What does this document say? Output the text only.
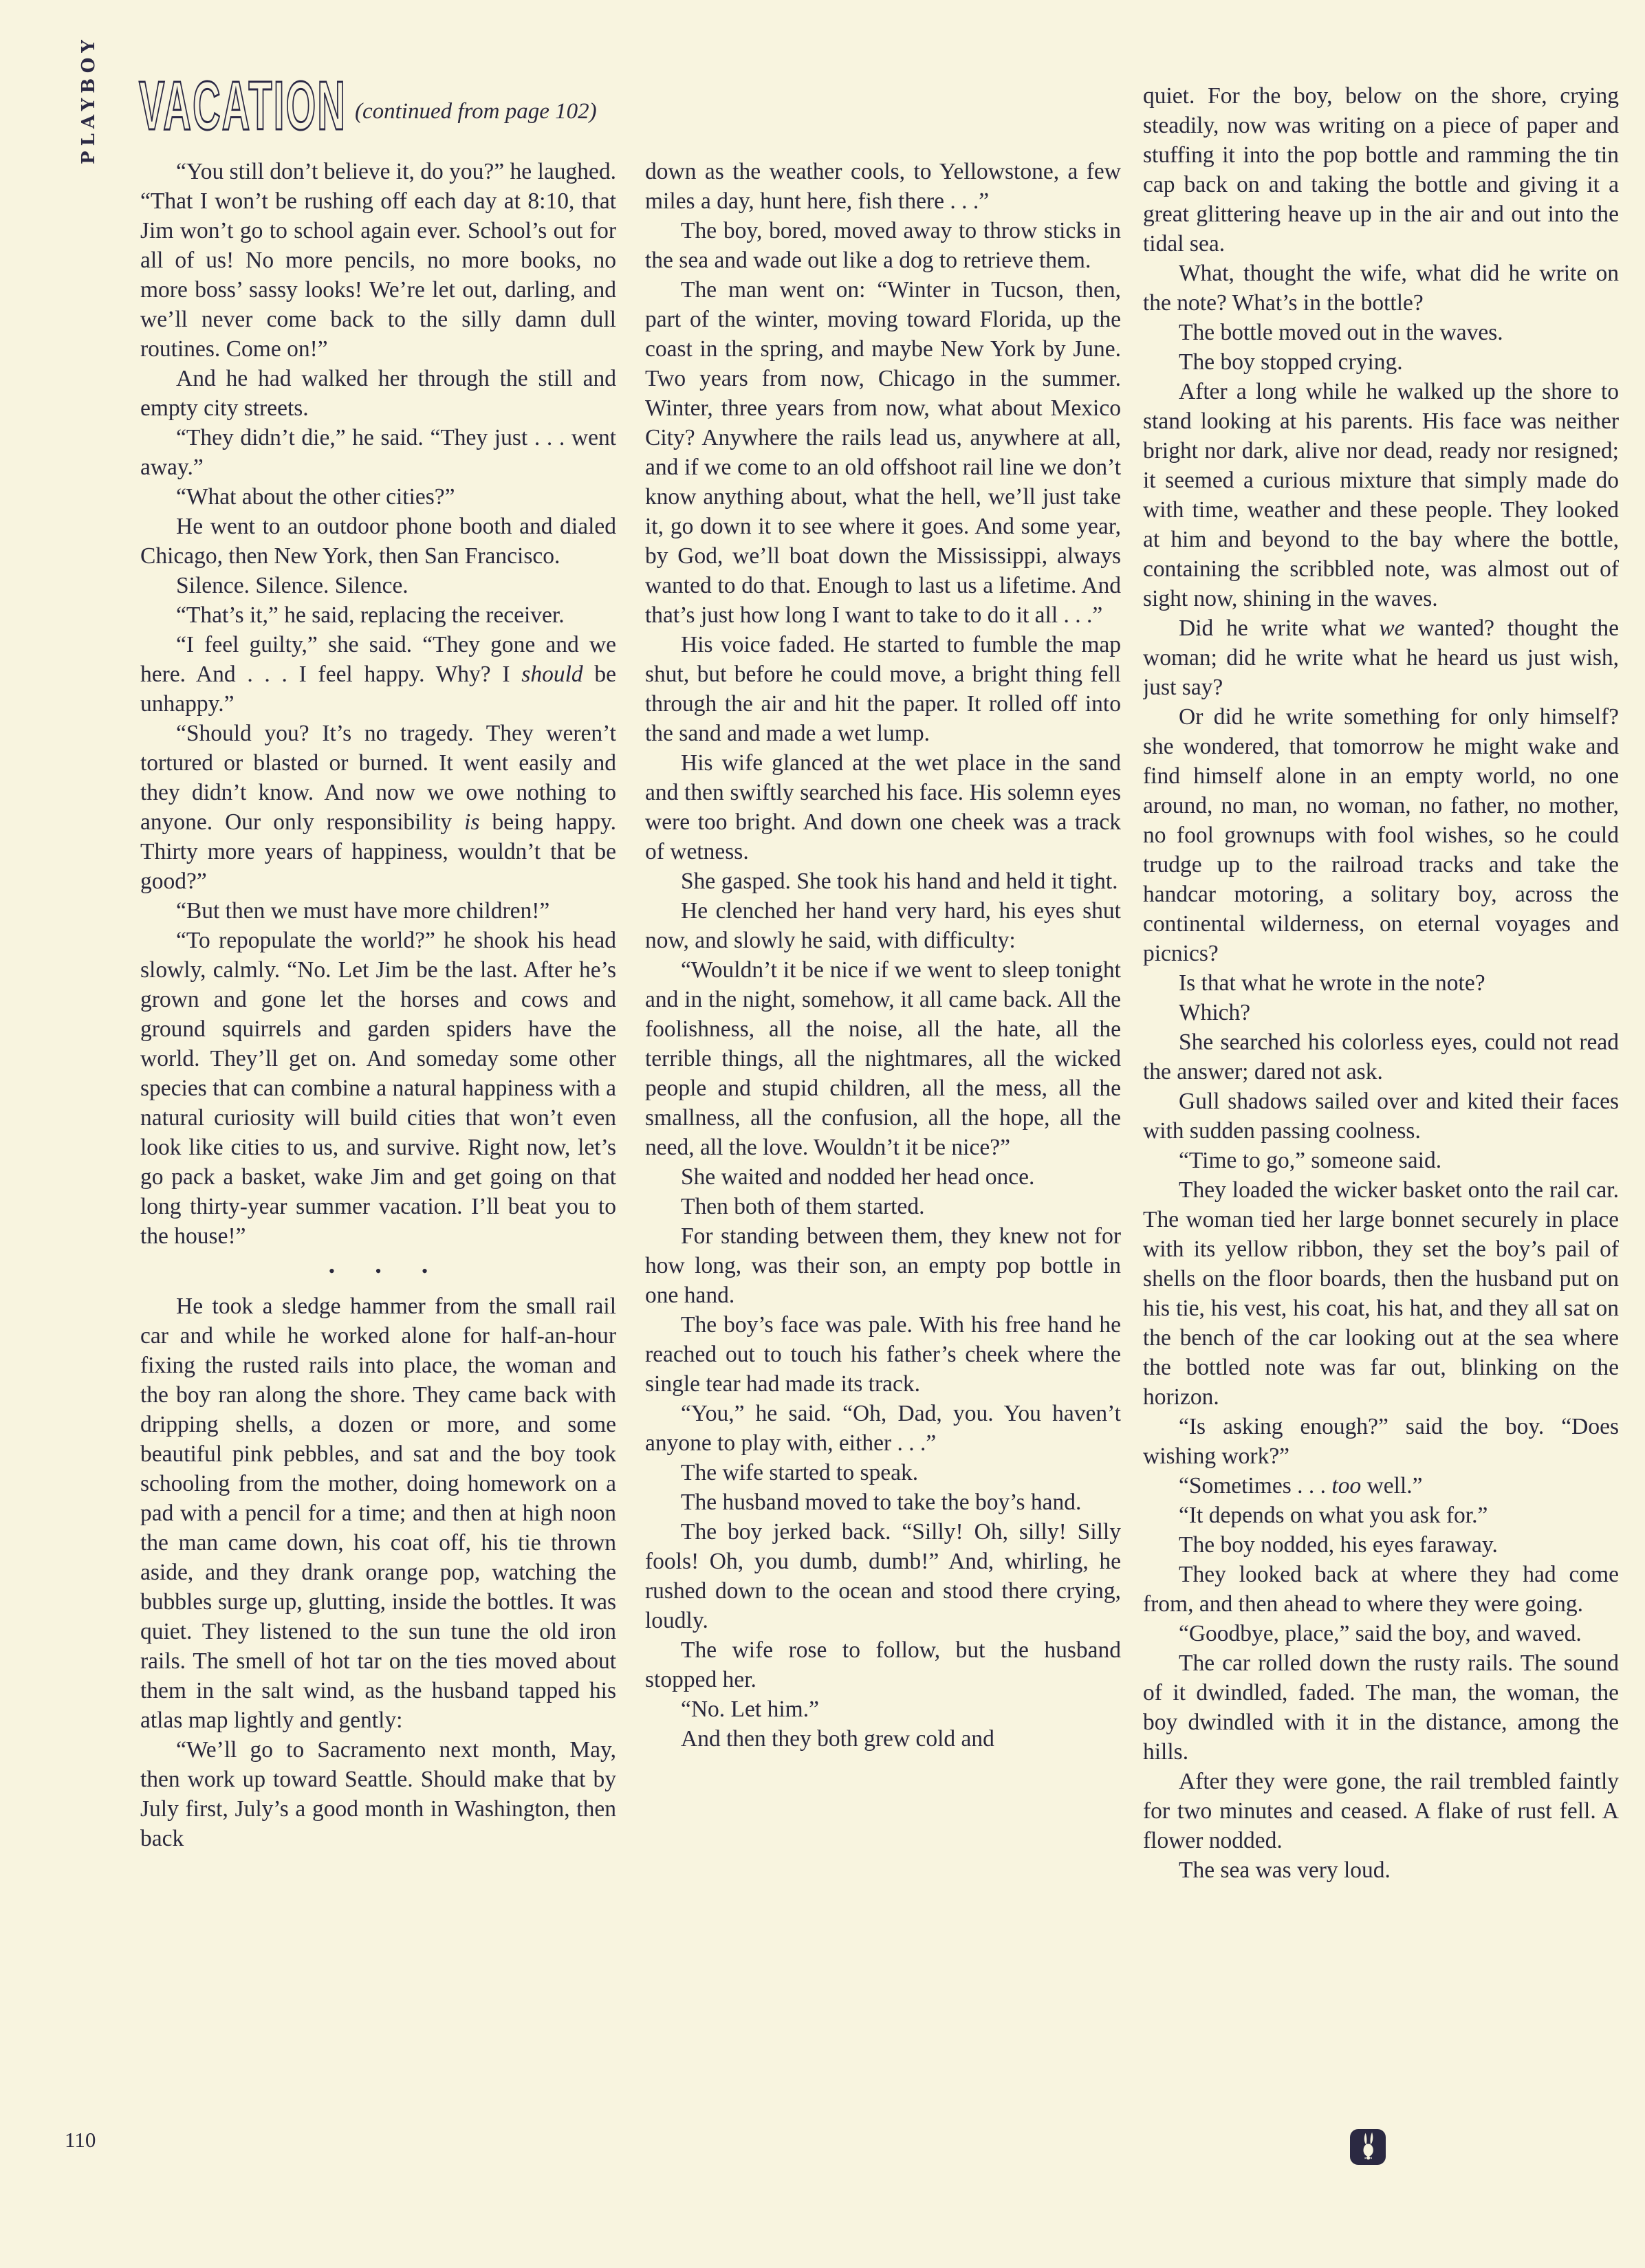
PLAYBOY VACATION (continued from page 102)

“You still don’t believe it, do you?” he laughed. “That I won’t be rushing off each day at 8:10, that Jim won’t go to school again ever. School’s out for all of us! No more pencils, no more books, no more boss’ sassy looks! We’re let out, darling, and we’ll never come back to the silly damn dull routines. Come on!”

And he had walked her through the still and empty city streets.

“They didn’t die,” he said. “They just . . . went away.”

“What about the other cities?”

He went to an outdoor phone booth and dialed Chicago, then New York, then San Francisco.

Silence. Silence. Silence.

“That’s it,” he said, replacing the receiver.

“I feel guilty,” she said. “They gone and we here. And . . . I feel happy. Why? I should be unhappy.”

“Should you? It’s no tragedy. They weren’t tortured or blasted or burned. It went easily and they didn’t know. And now we owe nothing to anyone. Our only responsibility is being happy. Thirty more years of happiness, wouldn’t that be good?”

“But then we must have more children!”

“To repopulate the world?” he shook his head slowly, calmly. “No. Let Jim be the last. After he’s grown and gone let the horses and cows and ground squirrels and garden spiders have the world. They’ll get on. And someday some other species that can combine a natural happiness with a natural curiosity will build cities that won’t even look like cities to us, and survive. Right now, let’s go pack a basket, wake Jim and get going on that long thirty-year summer vacation. I’ll beat you to the house!”

• • •

He took a sledge hammer from the small rail car and while he worked alone for half-an-hour fixing the rusted rails into place, the woman and the boy ran along the shore. They came back with dripping shells, a dozen or more, and some beautiful pink pebbles, and sat and the boy took schooling from the mother, doing homework on a pad with a pencil for a time; and then at high noon the man came down, his coat off, his tie thrown aside, and they drank orange pop, watching the bubbles surge up, glutting, inside the bottles. It was quiet. They listened to the sun tune the old iron rails. The smell of hot tar on the ties moved about them in the salt wind, as the husband tapped his atlas map lightly and gently:

“We’ll go to Sacramento next month, May, then work up toward Seattle. Should make that by July first, July’s a good month in Washington, then back

down as the weather cools, to Yellowstone, a few miles a day, hunt here, fish there . . .”

The boy, bored, moved away to throw sticks in the sea and wade out like a dog to retrieve them.

The man went on: “Winter in Tucson, then, part of the winter, moving toward Florida, up the coast in the spring, and maybe New York by June. Two years from now, Chicago in the summer. Winter, three years from now, what about Mexico City? Anywhere the rails lead us, anywhere at all, and if we come to an old offshoot rail line we don’t know anything about, what the hell, we’ll just take it, go down it to see where it goes. And some year, by God, we’ll boat down the Mississippi, always wanted to do that. Enough to last us a lifetime. And that’s just how long I want to take to do it all . . .”

His voice faded. He started to fumble the map shut, but before he could move, a bright thing fell through the air and hit the paper. It rolled off into the sand and made a wet lump.

His wife glanced at the wet place in the sand and then swiftly searched his face. His solemn eyes were too bright. And down one cheek was a track of wetness.

She gasped. She took his hand and held it tight.

He clenched her hand very hard, his eyes shut now, and slowly he said, with difficulty:

“Wouldn’t it be nice if we went to sleep tonight and in the night, somehow, it all came back. All the foolishness, all the noise, all the hate, all the terrible things, all the nightmares, all the wicked people and stupid children, all the mess, all the smallness, all the confusion, all the hope, all the need, all the love. Wouldn’t it be nice?”

She waited and nodded her head once.

Then both of them started.

For standing between them, they knew not for how long, was their son, an empty pop bottle in one hand.

The boy’s face was pale. With his free hand he reached out to touch his father’s cheek where the single tear had made its track.

“You,” he said. “Oh, Dad, you. You haven’t anyone to play with, either . . .”

The wife started to speak.

The husband moved to take the boy’s hand.

The boy jerked back. “Silly! Oh, silly! Silly fools! Oh, you dumb, dumb!” And, whirling, he rushed down to the ocean and stood there crying, loudly.

The wife rose to follow, but the husband stopped her.

“No. Let him.”

And then they both grew cold and

quiet. For the boy, below on the shore, crying steadily, now was writing on a piece of paper and stuffing it into the pop bottle and ramming the tin cap back on and taking the bottle and giving it a great glittering heave up in the air and out into the tidal sea.

What, thought the wife, what did he write on the note? What’s in the bottle?

The bottle moved out in the waves.

The boy stopped crying.

After a long while he walked up the shore to stand looking at his parents. His face was neither bright nor dark, alive nor dead, ready nor resigned; it seemed a curious mixture that simply made do with time, weather and these people. They looked at him and beyond to the bay where the bottle, containing the scribbled note, was almost out of sight now, shining in the waves.

Did he write what we wanted? thought the woman; did he write what he heard us just wish, just say?

Or did he write something for only himself? she wondered, that tomorrow he might wake and find himself alone in an empty world, no one around, no man, no woman, no father, no mother, no fool grownups with fool wishes, so he could trudge up to the railroad tracks and take the handcar motoring, a solitary boy, across the continental wilderness, on eternal voyages and picnics?

Is that what he wrote in the note?

Which?

She searched his colorless eyes, could not read the answer; dared not ask.

Gull shadows sailed over and kited their faces with sudden passing coolness.

“Time to go,” someone said.

They loaded the wicker basket onto the rail car. The woman tied her large bonnet securely in place with its yellow ribbon, they set the boy’s pail of shells on the floor boards, then the husband put on his tie, his vest, his coat, his hat, and they all sat on the bench of the car looking out at the sea where the bottled note was far out, blinking on the horizon.

“Is asking enough?” said the boy. “Does wishing work?”

“Sometimes . . . too well.”

“It depends on what you ask for.”

The boy nodded, his eyes faraway.

They looked back at where they had come from, and then ahead to where they were going.

“Goodbye, place,” said the boy, and waved.

The car rolled down the rusty rails. The sound of it dwindled, faded. The man, the woman, the boy dwindled with it in the distance, among the hills.

After they were gone, the rail trembled faintly for two minutes and ceased. A flake of rust fell. A flower nodded.

The sea was very loud.

110
